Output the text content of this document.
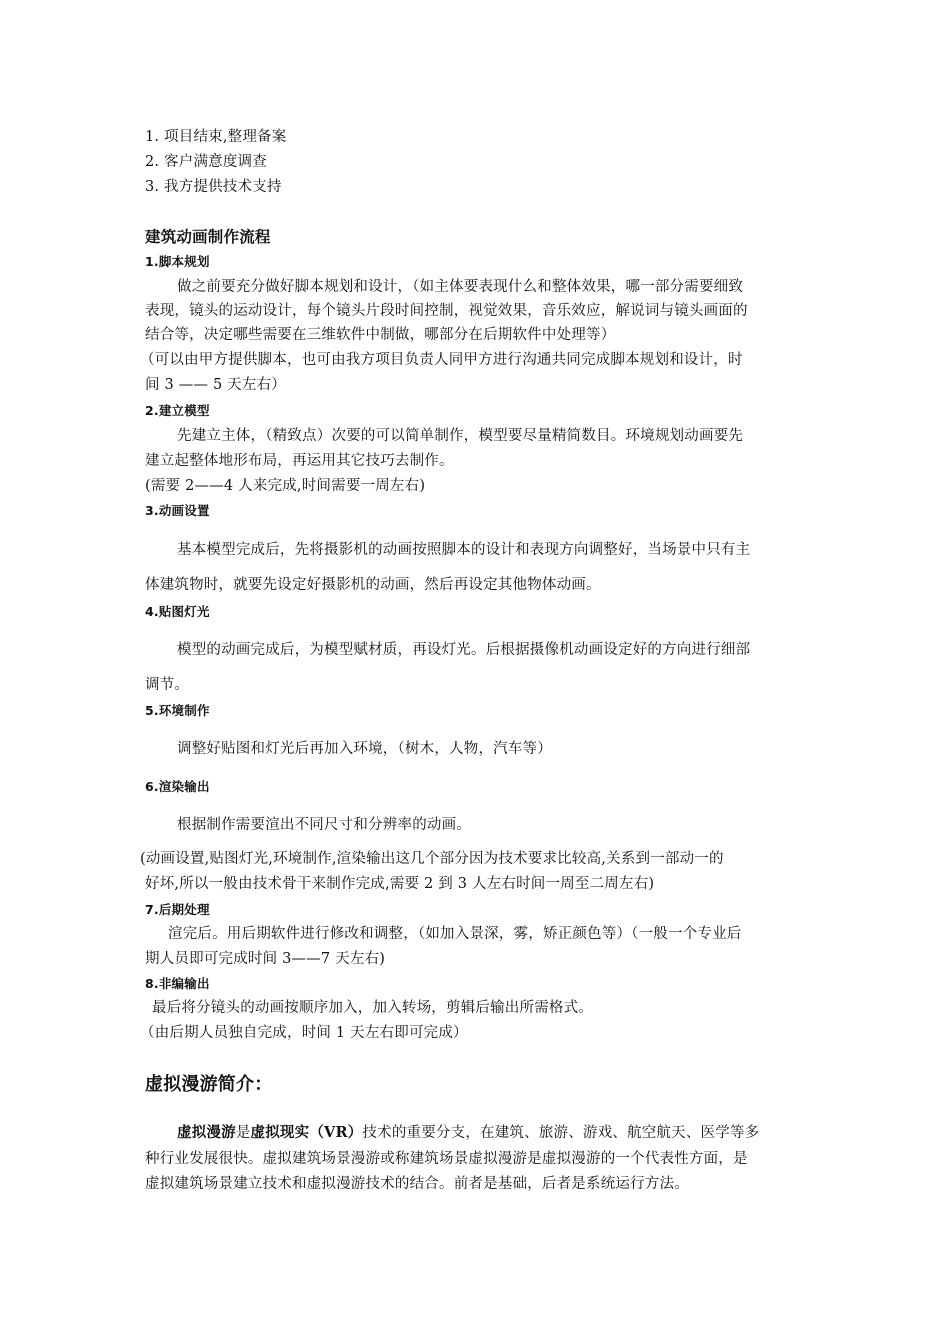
1. 项目结束,整理备案
2. 客户满意度调查
3. 我方提供技术支持
建筑动画制作流程
1.脚本规划
做之前要充分做好脚本规划和设计，（如主体要表现什么和整体效果，哪一部分需要细致
表现，镜头的运动设计，每个镜头片段时间控制，视觉效果，音乐效应，解说词与镜头画面的
结合等，决定哪些需要在三维软件中制做，哪部分在后期软件中处理等）
（可以由甲方提供脚本，也可由我方项目负责人同甲方进行沟通共同完成脚本规划和设计，时
间 3 —— 5 天左右）
2.建立模型
先建立主体，（精致点）次要的可以简单制作，模型要尽量精简数目。环境规划动画要先
建立起整体地形布局，再运用其它技巧去制作。
(需要 2——4 人来完成,时间需要一周左右)
3.动画设置
基本模型完成后，先将摄影机的动画按照脚本的设计和表现方向调整好，当场景中只有主
体建筑物时，就要先设定好摄影机的动画，然后再设定其他物体动画。
4.贴图灯光
模型的动画完成后，为模型赋材质，再设灯光。后根据摄像机动画设定好的方向进行细部
调节。
5.环境制作
调整好贴图和灯光后再加入环境，（树木，人物，汽车等）
6.渲染输出
根据制作需要渲出不同尺寸和分辨率的动画。
(动画设置,贴图灯光,环境制作,渲染输出这几个部分因为技术要求比较高,关系到一部动一的
好坏,所以一般由技术骨干来制作完成,需要 2 到 3 人左右时间一周至二周左右)
7.后期处理
渲完后。用后期软件进行修改和调整，（如加入景深，雾，矫正颜色等）（一般一个专业后
期人员即可完成时间 3——7 天左右)
8.非编输出
最后将分镜头的动画按顺序加入，加入转场，剪辑后输出所需格式。
（由后期人员独自完成，时间 1 天左右即可完成）
虚拟漫游简介：
虚拟漫游是虚拟现实（VR）技术的重要分支，在建筑、旅游、游戏、航空航天、医学等多
种行业发展很快。虚拟建筑场景漫游或称建筑场景虚拟漫游是虚拟漫游的一个代表性方面，是
虚拟建筑场景建立技术和虚拟漫游技术的结合。前者是基础，后者是系统运行方法。
